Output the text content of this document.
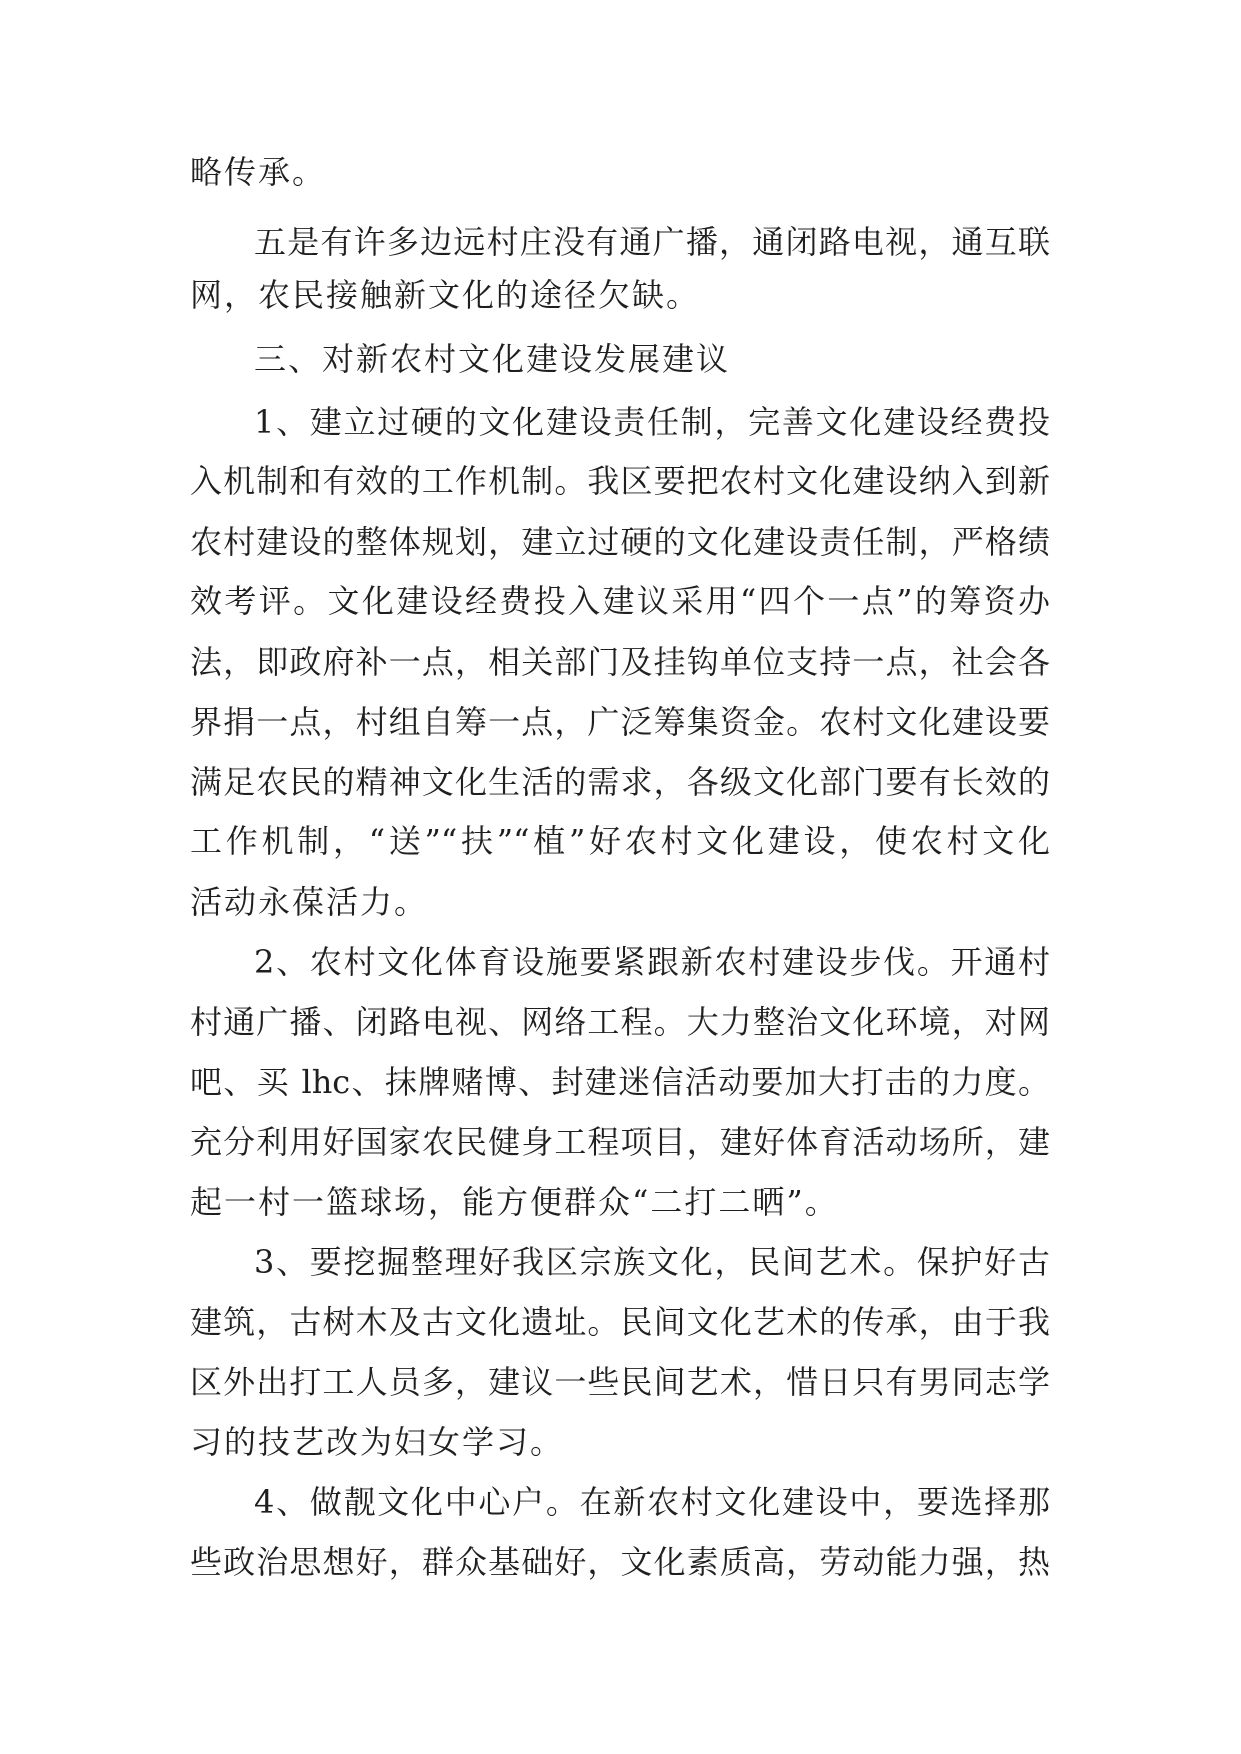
略传承。
五是有许多边远村庄没有通广播，通闭路电视，通互联
网，农民接触新文化的途径欠缺。
三、对新农村文化建设发展建议
1、建立过硬的文化建设责任制，完善文化建设经费投
入机制和有效的工作机制。我区要把农村文化建设纳入到新
农村建设的整体规划，建立过硬的文化建设责任制，严格绩
效考评。文化建设经费投入建议采用“四个一点”的筹资办
法，即政府补一点，相关部门及挂钩单位支持一点，社会各
界捐一点，村组自筹一点，广泛筹集资金。农村文化建设要
满足农民的精神文化生活的需求，各级文化部门要有长效的
工作机制，“送”“扶”“植”好农村文化建设，使农村文化
活动永葆活力。
2、农村文化体育设施要紧跟新农村建设步伐。开通村
村通广播、闭路电视、网络工程。大力整治文化环境，对网
吧、买 lhc、抹牌赌博、封建迷信活动要加大打击的力度。
充分利用好国家农民健身工程项目，建好体育活动场所，建
起一村一篮球场，能方便群众“二打二晒”。
3、要挖掘整理好我区宗族文化，民间艺术。保护好古
建筑，古树木及古文化遗址。民间文化艺术的传承，由于我
区外出打工人员多，建议一些民间艺术，惜日只有男同志学
习的技艺改为妇女学习。
4、做靓文化中心户。在新农村文化建设中，要选择那
些政治思想好，群众基础好，文化素质高，劳动能力强，热
